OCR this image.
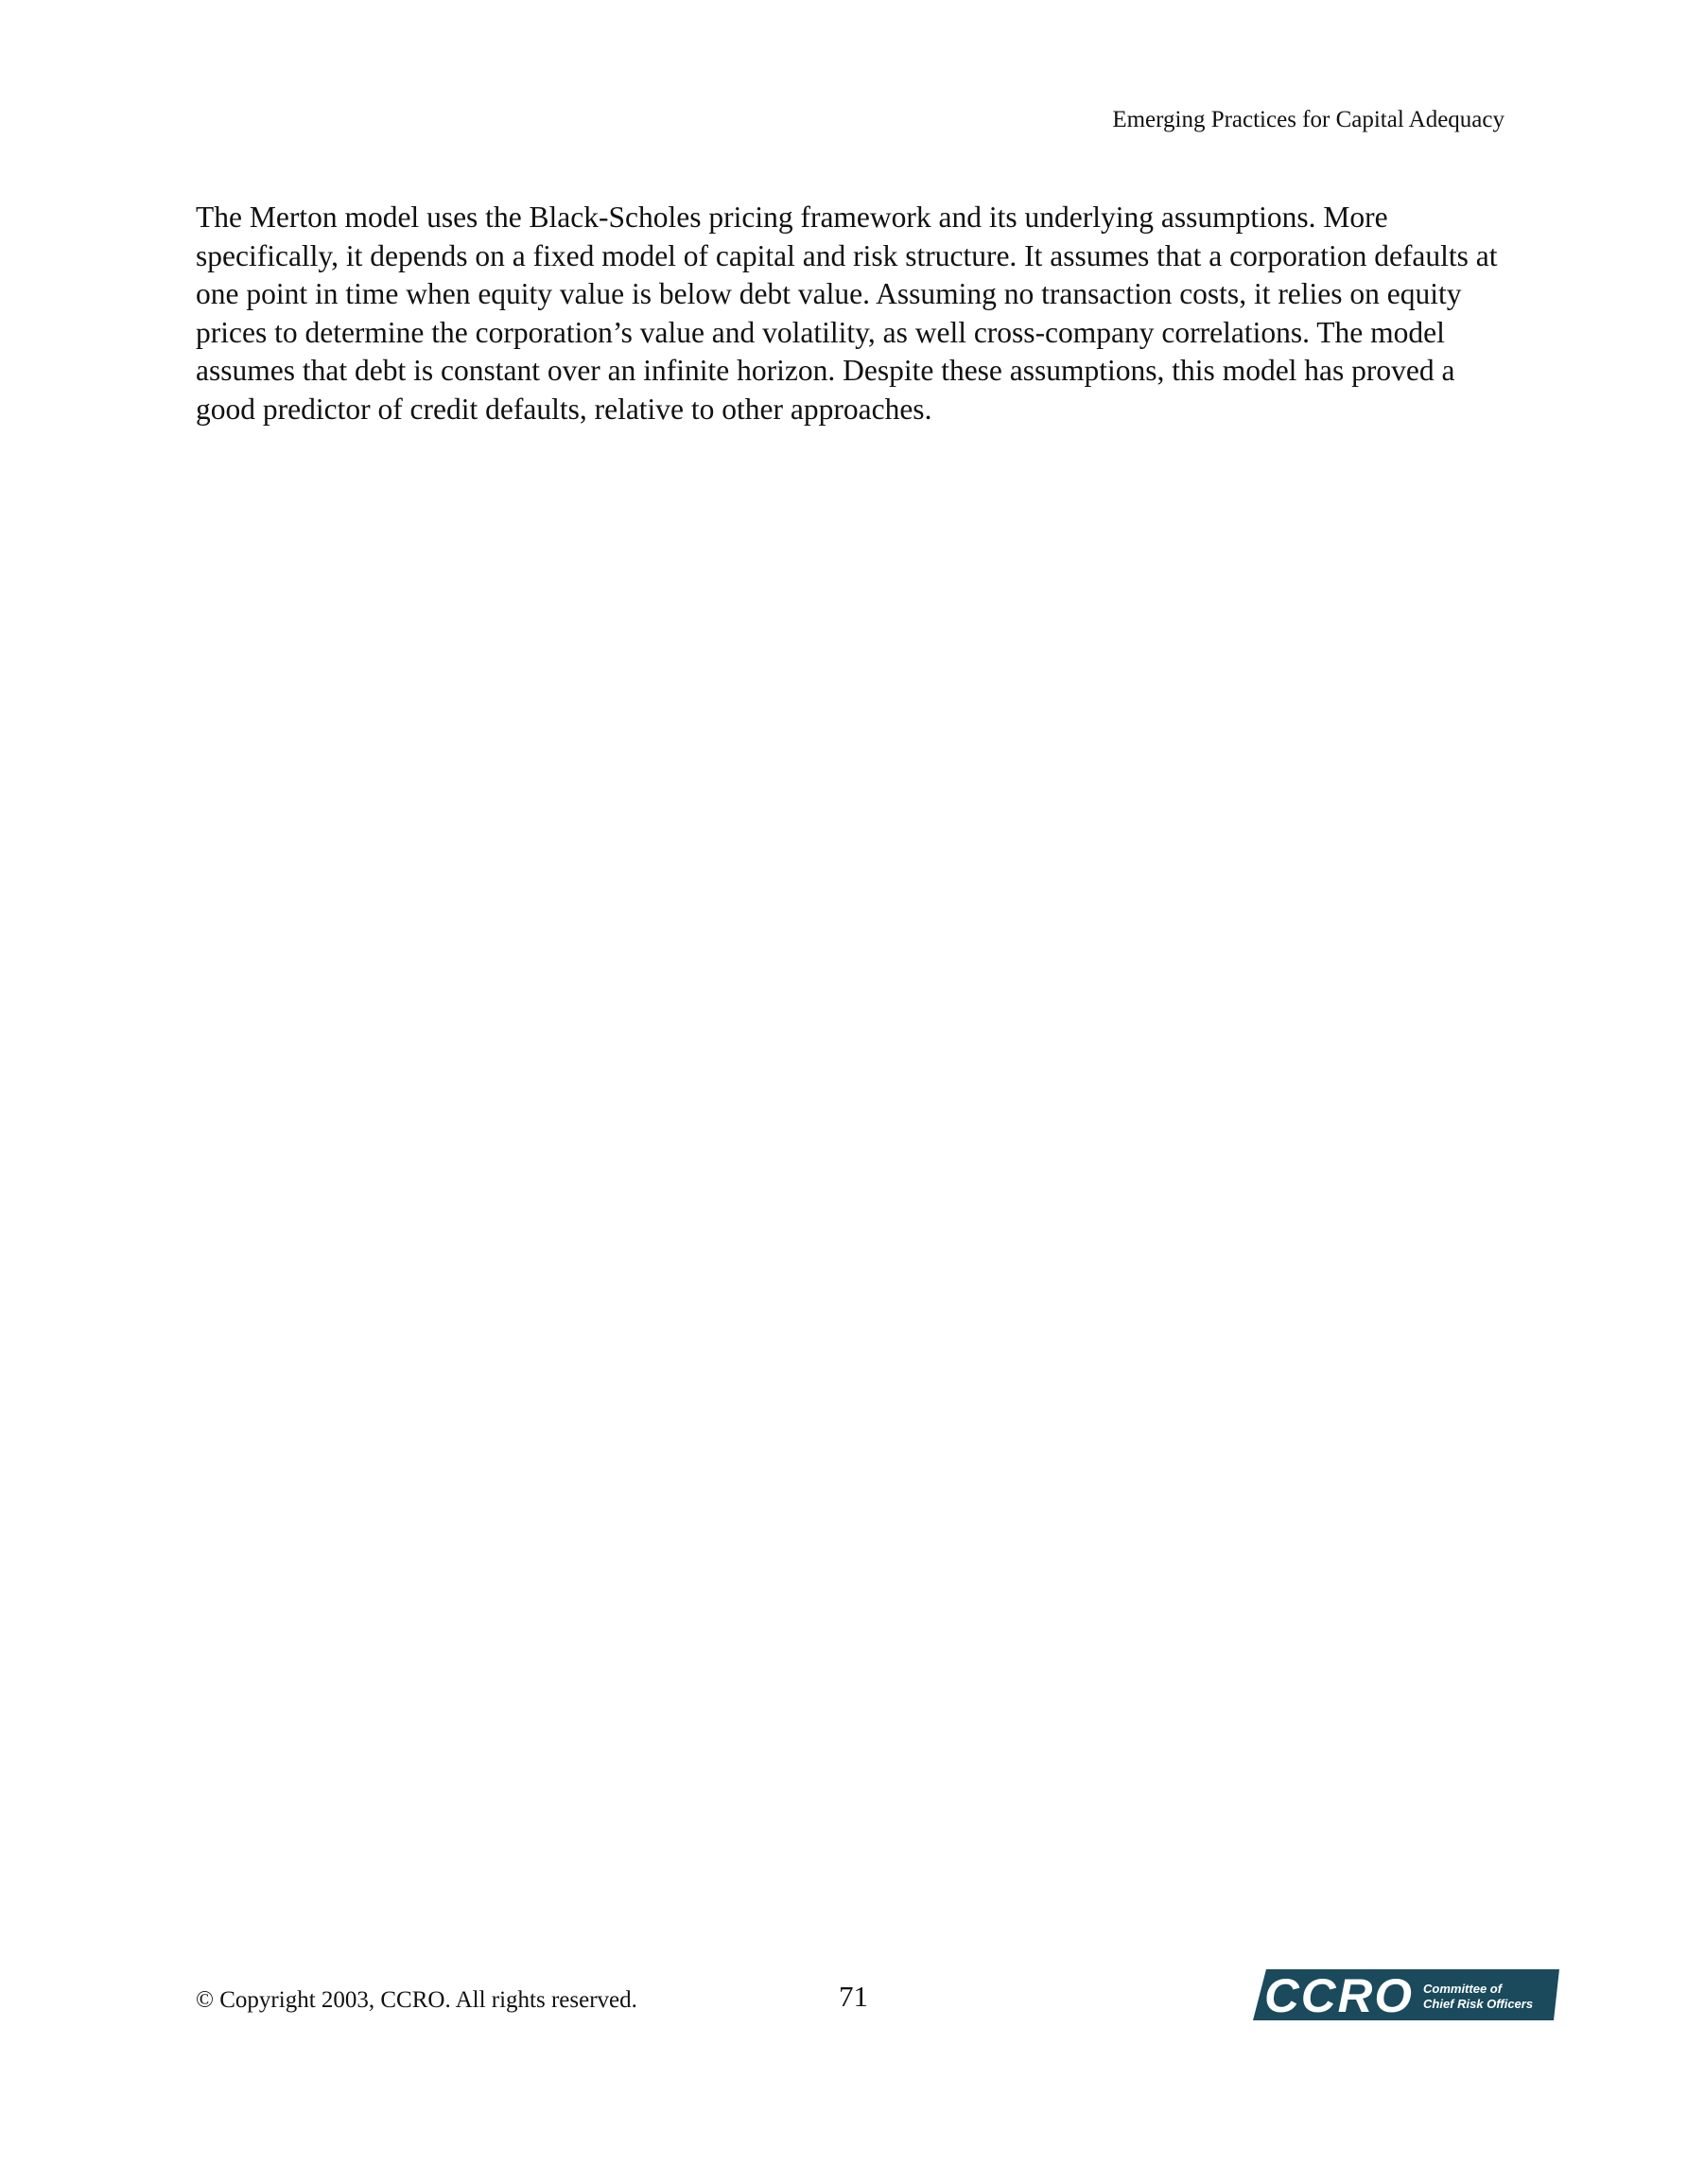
Emerging Practices for Capital Adequacy

The Merton model uses the Black-Scholes pricing framework and its underlying assumptions. More specifically, it depends on a fixed model of capital and risk structure. It assumes that a corporation defaults at one point in time when equity value is below debt value. Assuming no transaction costs, it relies on equity prices to determine the corporation’s value and volatility, as well cross-company correlations. The model assumes that debt is constant over an infinite horizon. Despite these assumptions, this model has proved a good predictor of credit defaults, relative to other approaches.

© Copyright 2003, CCRO. All rights reserved.	71	CCRO Committee of
Chief Risk Officers
